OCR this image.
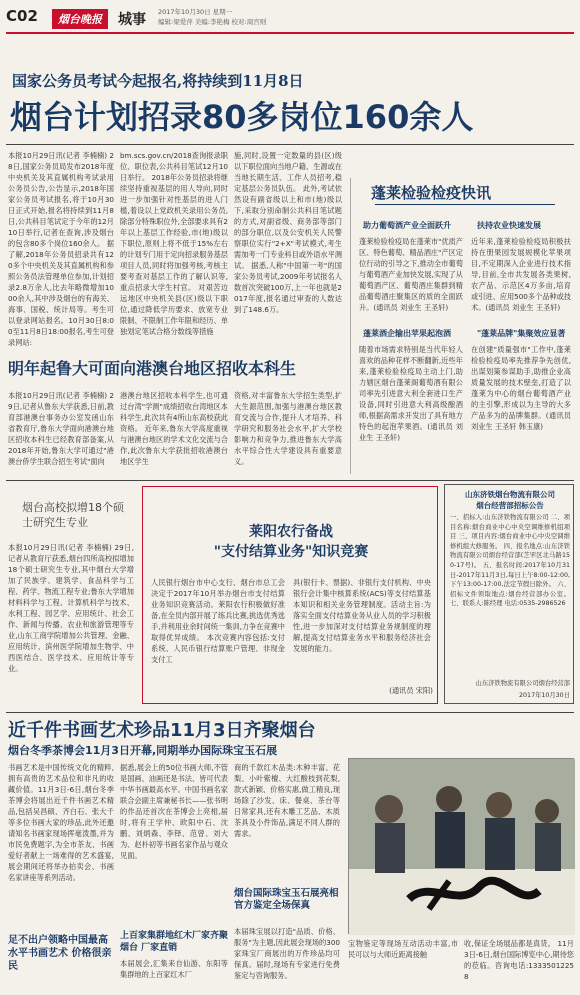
C02	烟台晚报	城事 2017年10月30日 星期一
编辑:梁爱萍 美编:李艳梅 校对:周宫则
国家公务员考试今起报名,将持续到11月8日
烟台计划招录80多岗位160余人
本报10月29日讯(记者 李楠楠) 28日,国家公务员局发布2018年度中央机关及其直属机构考试录用公务员公告,公告显示,2018年国家公务员考试报名,将于10月30日正式开始,报名将持续到11月8日,公共科目笔试定于今年的12月10日举行,记者在查询,涉及烟台的包含80多个岗位160余人。 据了解,2018年公务员招录共有120多个中央机关及其直属机构和参照公务员法管理单位参加,计划招录2.8万余人,比去年略微增加1000余人,其中涉及烟台的有海关、海事、国税、统计局等。考生可以登录网站报名。10月30日8:00至11月8日18:00报名,考生可登录网站:
bm.scs.gov.cn/2018查询报录职位、职位表,公共科目笔试12月10日举行。 2018年公务员招录将继续坚持重视基层的用人导向,同时进一步加强针对性基层的进人门槛,着设以上党政机关录用公务员,除部分特殊职位外,全部要求具有2年以上基层工作经验,市(地)级以下职位,原则上将不低于15%左右的计划专门用于定向招录服务基层项目人员,同时将加强考核,考核主要考查对基层工作的了解认识等,重点招录大学生村官。 对艰苦边远地区中央机关县(区)级以下职位,通过降低学历要求、放宽专业限制、不限制工作年限和经历、单独划定笔试合格分数线等措施
施,同时,设置一定数量的县(区)级以下职位面向当地户籍、生源或在当地长期生活、工作人员招考,稳定基层公务员队伍。 此外,考试依然设有副省级以上和市(地)级以下,采取分别命制公共科目笔试题的方式,对副省级、商务部等部门的部分职位,以及公安机关人民警察职位实行"2+X"考试模式,考生需加考一门专业科目或外语水平测试。 据悉,人称"中国第一考"的国家公务员考试,2009年考试报名人数首次突破100万,上一年也就是2017年度,报名通过审查的人数达到了148.6万。
蓬莱检验检疫快讯
助力葡萄酒产业全面跃升
蓬莱检验检疫局在蓬莱市"优质产区、特色葡萄、精品酒庄"产区定位行动的引导之下,推动全市葡萄与葡萄酒产业加快发展,实现了从葡萄酒产区、葡萄酒庄集群到精品葡萄酒庄聚集区的质的全面跃升。(通讯员 刘业生 王圣轩)
扶持农业快速发展
近年来,蓬莱检验检疫局积极扶持在册果园发展规模化苹果项目,不定期深入企业进行技术指导,目前,全市共发展各类果树,农产品、示范区4万多亩,培育或引进、应用500多个品种或技术。(通讯员 刘业生 王圣轩)
蓬莱酒企输出苹果起泡酒
随着市场需求特别是当代年轻人喜欢的品种花样不断翻新,近些年来,蓬莱检验检疫局主动上门,助力辖区烟台蓬莱阁葡萄酒有限公司率先引进意大利全套进口生产设备,同时引进意大利高级酿酒师,根据高需求开发出了具有地方特色的起泡苹果酒。(通讯员 刘业生 王圣轩)
"蓬莱品牌"集聚效应显著
在创建"质量强市"工作中,蓬莱检验检疫局率先推荐争先创优,出谋划策参谋助手,助推企业高质量发展的技术壁垒,打造了以蓬莱为中心的烟台葡萄酒产业的主引擎,形成以为主导的大多产品多为的品牌集群。(通讯员 刘业生 王圣轩 韩玉康)
明年起鲁大可面向港澳台地区招收本科生
本报10月29日讯(记者 李楠楠) 29日,记者从鲁东大学获悉,日前,教育部港澳台事务办公室发函山东省教育厅,鲁东大学面向港澳台地区招收本科生已经教育部备案,从2018年开始,鲁东大学可通过"港澳台侨学生联合招生考试"面向
港澳台地区招收本科学生,也可通过台湾"学测"成绩招收台湾地区本科学生,此次共有4所山东高校获此资格。 近年来,鲁东大学高度重视与港澳台地区的学术文化交流与合作,此次鲁东大学获批招收港澳台地区学生
资格,对丰富鲁东大学招生类型,扩大生源范围,加强与港澳台地区教育交流与合作,提升人才培养、科学研究和服务社会水平,扩大学校影响力和竞争力,推进鲁东大学高水平综合性大学建设具有重要意义。
烟台高校拟增18个硕士研究生专业
本报10月29日讯(记者 李楠楠) 29日,记者从教育厅获悉,烟台四所高校拟增加18个硕士研究生专业,其中烟台大学增加了民族学、建筑学、食品科学与工程、药学、物流工程专业;鲁东大学增加材料科学与工程、计算机科学与技术、水利工程、园艺学、应用统计、社会工作、新闻与传播、农业和旅游管理等专业,山东工商学院增加公共管理、金融、应用统计、滨州医学院增加生物学、中西医结合、医学技术、应用统计等专业。
莱阳农行备战
"支付结算业务"知识竞赛
人民银行烟台市中心支行、烟台市总工会决定于2017年10月举办烟台市支付结算业务知识竞赛活动。莱阳农行积极做好准备,在全员内部开展了练兵比赛,挑选优秀选手,并利用业余时间统一集训,力争在竞赛中取得优异成绩。 本次竞赛内容包括:支付系统、人民币银行结算账户管理、非现金支付工
具(银行卡、票据)、非银行支付机构、中央银行会计集中核算系统(ACS)等支付结算基本知识和相关业务管理制度。活动主旨:为落实全面支付结算业务从业人员的学习积极性,进一步加深对支付结算业务规制度的理解,提高支付结算业务水平和服务经济社会发展的能力。
(通讯员 宋阳)
山东济铁烟台物流有限公司
烟台经营部招标公告
一、招标人:山东济铁物流有限公司 二、项目名称:烟台商业中心中央空调维修机组项目 三、项目内容:烟台商业中心中央空调维修机组大修服务。 四、报名地点:山东济铁物流有限公司烟台经营部(芝罘区北马路150-17号)。 五、报名时间:2017年10月31日-2017年11月3日,每日上午8:00-12:00,下午13:00-17:00,法定节假日除外。 六、招标文件领取地点:烟台经营部办公室。 七、联系人:陈经理 电话:0535-2986526
山东济铁物流有限公司烟台经营部
2017年10月30日
近千件书画艺术珍品11月3日齐聚烟台
烟台冬季茶博会11月3日开幕,同期举办国际珠宝玉石展
书画艺术是中国传统文化的精粹,拥有高贵的艺术品位和非凡的收藏价值。11月3日-6日,烟台冬季茶博会将展出近千件书画艺术精品,包括吴昌硕、齐白石、张大千等多位书画大家的珍品,此外还邀请知名书画家现场挥毫泼墨,并为市民免费题字,为全市茶友、书画爱好者献上一场难得的艺术盛宴,展会期间还将举办拍卖会、书画名家讲座等系列活动。
足不出户领略中国最高水平书画艺术 价格很亲民
据悉,展会上的50位书画大师,不管是国画、油画还是书法、皆可代表中华书画最高水平。中国书画名家联合会副主席兼秘书长——张书明的作品还首次在茶博会上亮相,届时,将有王学仲、欧阳中石、沈鹏、刘炳森、李铎、范曾、刘大为、赵朴初等书画名家作品与观众见面。
上百家集群地红木厂家齐聚烟台 厂家直销
本届展会,汇集来自仙游、东阳等集群地的上百家红木厂
商的千款红木品类:木种丰富、花梨、小叶紫檀、大红酸枝到花梨,款式新颖、价格实惠,做工精良,现场除了沙发、床、餐桌、茶台等日常家具,还有木雕工艺品、木质茶具及小件饰品,满足不同人群的需求。
烟台国际珠宝玉石展亮相 官方鉴定全场保真
本届珠宝展以打造"品质、价格、服务"为主题,因此展会现场的300家珠宝厂商展出的万件珍品均可保真。届时,现场有专家进行免费鉴定与咨询服务。
宝物鉴定等现场互动活动丰富,市民可以与大师近距离接触
收,保证全场展品都是真货。 11月3日-6日,烟台国际博览中心,期待您的莅临。咨询电话:13335012258
